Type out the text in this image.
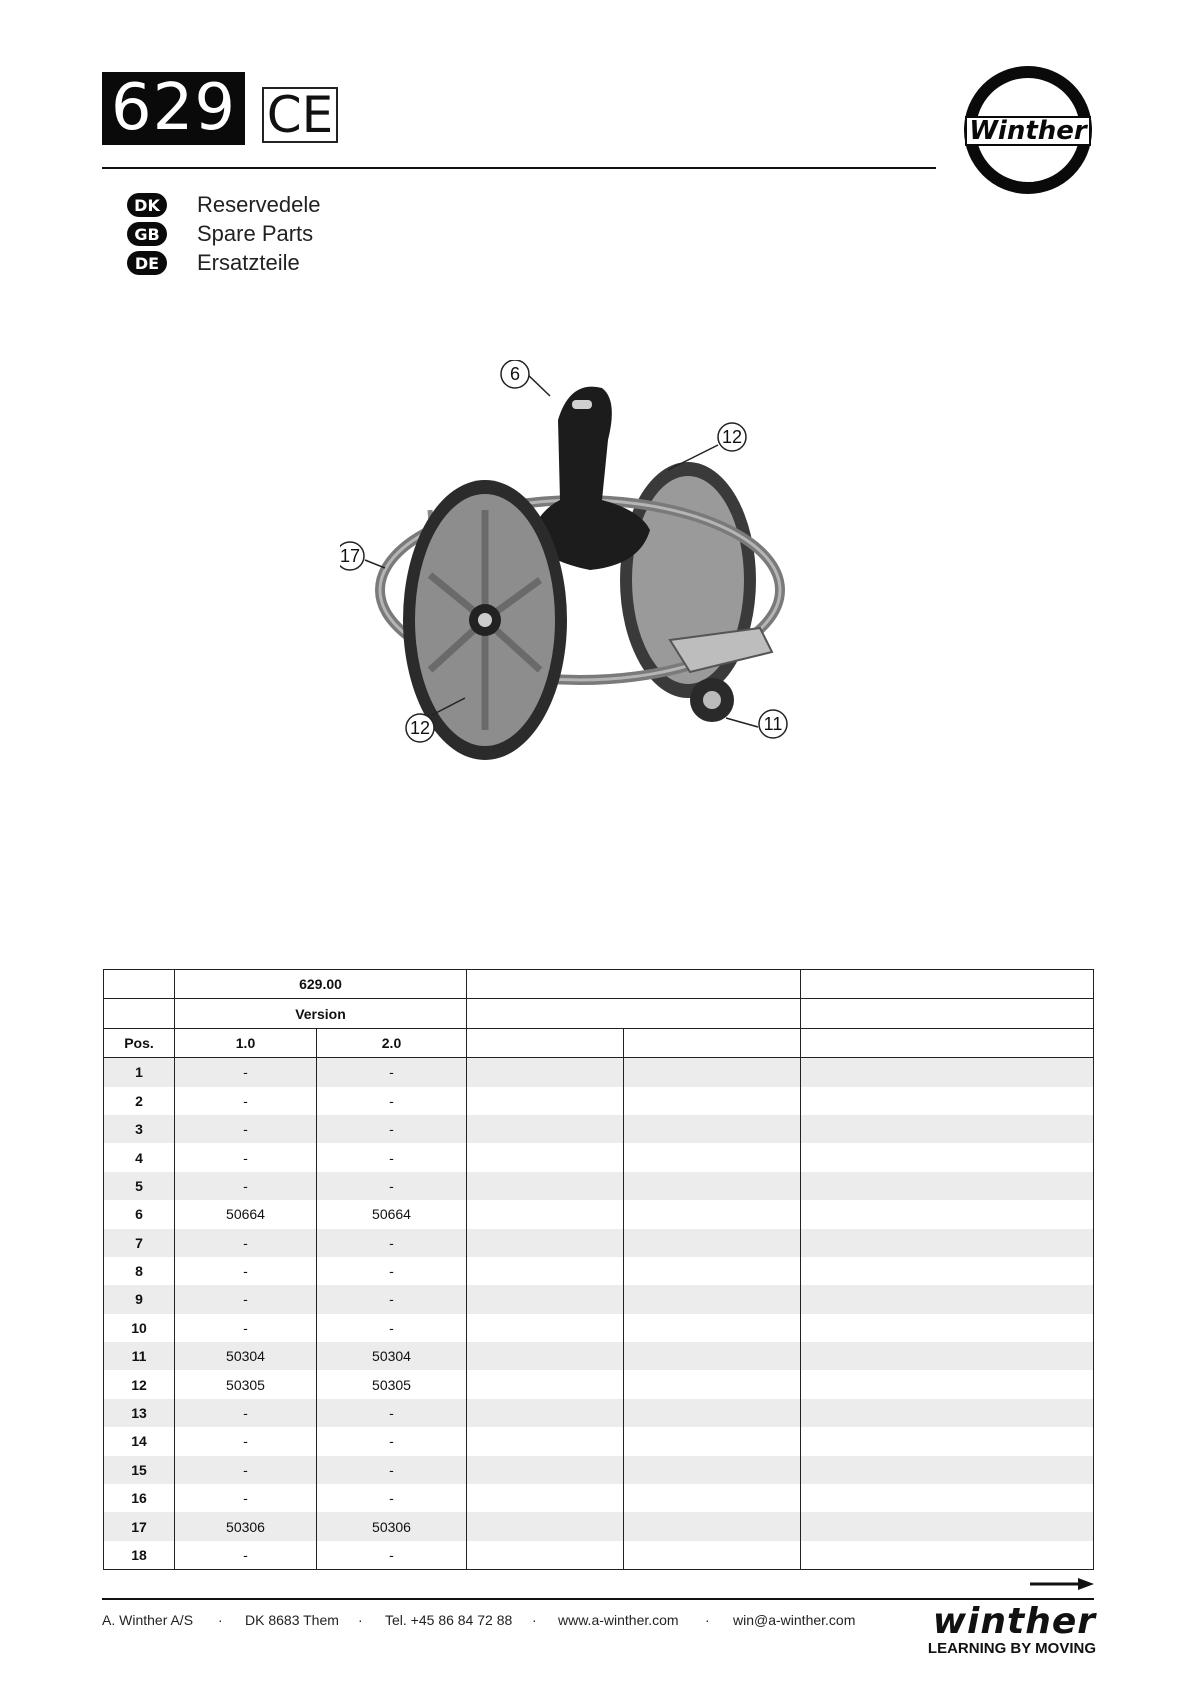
629 CE
DK	Reservedele
GB	Spare Parts
DE	Ersatzteile
ORIGINAL
Winther
DANISH DESIGN
6
12
17
12	11
	629.00				
	Version				
Pos.	1.0	2.0			
1	-	-			
2	-	-			
3	-	-			
4	-	-			
5	-	-			
6	50664	50664			
7	-	-			
8	-	-			
9	-	-			
10	-	-			
11	50304	50304			
12	50305	50305			
13	-	-			
14	-	-			
15	-	-			
16	-	-			
17	50306	50306			
18	-	-			
A. Winther A/S · DK 8683 Them · Tel. +45 86 84 72 88 · www.a-winther.com · win@a-winther.com	winther
LEARNING BY MOVING
